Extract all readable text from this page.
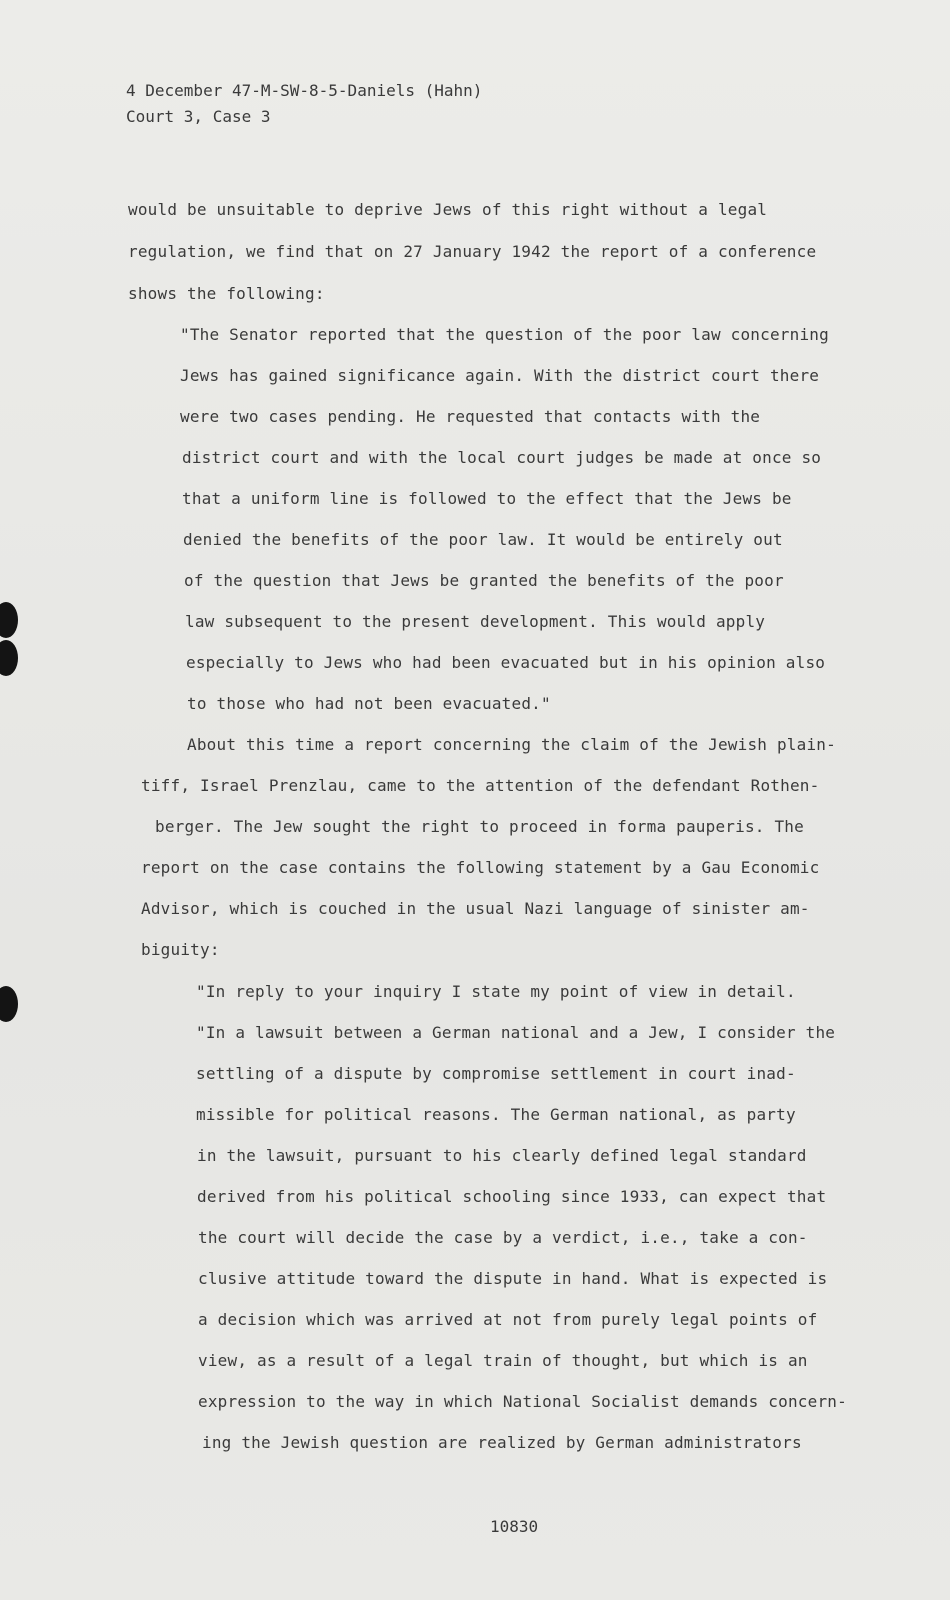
4 December 47-M-SW-8-5-Daniels (Hahn)
Court 3, Case 3
would be unsuitable to deprive Jews of this right without a legal
regulation, we find that on 27 January 1942 the report of a conference
shows the following:
"The Senator reported that the question of the poor law concerning
Jews has gained significance again. With the district court there
were two cases pending. He requested that contacts with the
district court and with the local court judges be made at once so
that a uniform line is followed to the effect that the Jews be
denied the benefits of the poor law. It would be entirely out
of the question that Jews be granted the benefits of the poor
law subsequent to the present development. This would apply
especially to Jews who had been evacuated but in his opinion also
to those who had not been evacuated."
About this time a report concerning the claim of the Jewish plain-
tiff, Israel Prenzlau, came to the attention of the defendant Rothen-
berger. The Jew sought the right to proceed in forma pauperis. The
report on the case contains the following statement by a Gau Economic
Advisor, which is couched in the usual Nazi language of sinister am-
biguity:
"In reply to your inquiry I state my point of view in detail.
"In a lawsuit between a German national and a Jew, I consider the
settling of a dispute by compromise settlement in court inad-
missible for political reasons. The German national, as party
in the lawsuit, pursuant to his clearly defined legal standard
derived from his political schooling since 1933, can expect that
the court will decide the case by a verdict, i.e., take a con-
clusive attitude toward the dispute in hand. What is expected is
a decision which was arrived at not from purely legal points of
view, as a result of a legal train of thought, but which is an
expression to the way in which National Socialist demands concern-
ing the Jewish question are realized by German administrators
10830
